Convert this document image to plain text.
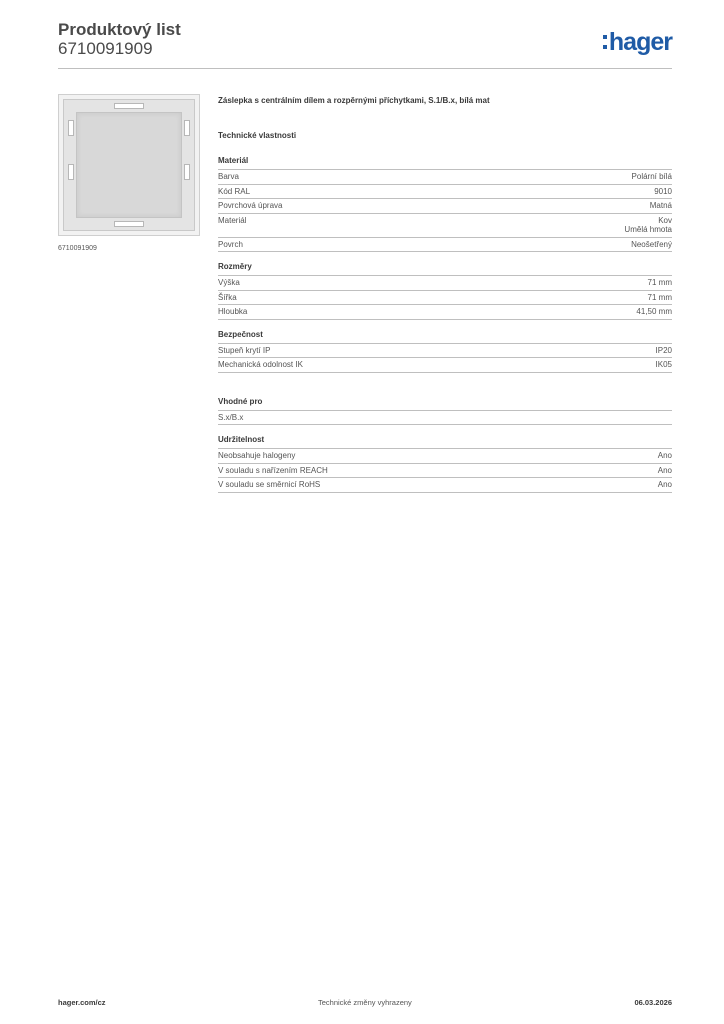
Produktový list
6710091909	hager
6710091909
Záslepka s centrálním dílem a rozpěrnými příchytkami, S.1/B.x, bílá mat
Technické vlastnosti
Materiál
Barva	Polární bílá
Kód RAL	9010
Povrchová úprava	Matná
Materiál	Kov
Umělá hmota
Povrch	Neošetřený
Rozměry
Výška	71 mm
Šířka	71 mm
Hloubka	41,50 mm
Bezpečnost
Stupeň krytí IP	IP20
Mechanická odolnost IK	IK05
Vhodné pro
S.x/B.x
Udržitelnost
Neobsahuje halogeny	Ano
V souladu s nařízením REACH	Ano
V souladu se směrnicí RoHS	Ano
hager.com/cz	Technické změny vyhrazeny	06.03.2026
